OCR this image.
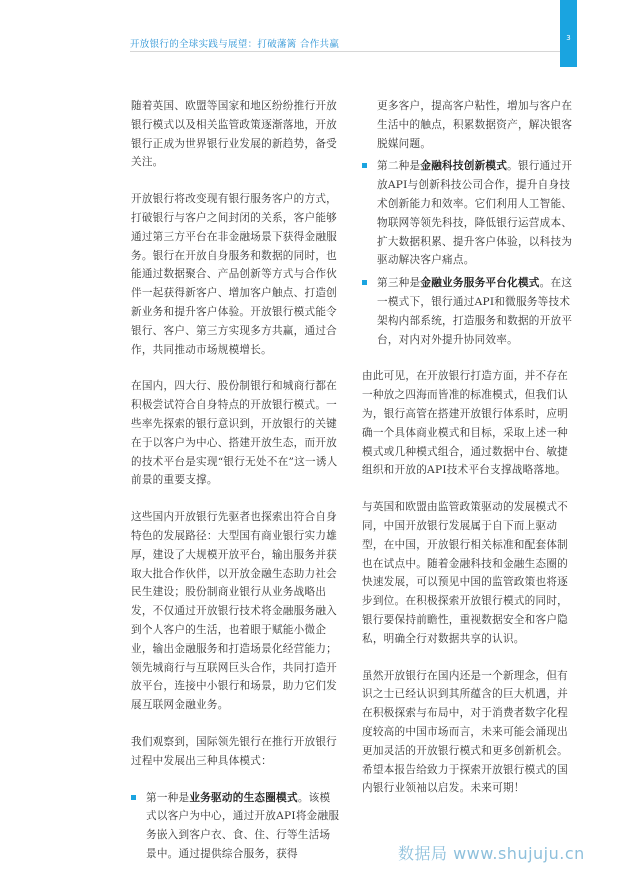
开放银行的全球实践与展望：打破藩篱 合作共赢
3

随着英国、欧盟等国家和地区纷纷推行开放银行模式以及相关监管政策逐渐落地，开放银行正成为世界银行业发展的新趋势，备受关注。

开放银行将改变现有银行服务客户的方式，打破银行与客户之间封闭的关系，客户能够通过第三方平台在非金融场景下获得金融服务。银行在开放自身服务和数据的同时，也能通过数据聚合、产品创新等方式与合作伙伴一起获得新客户、增加客户触点、打造创新业务和提升客户体验。开放银行模式能令银行、客户、第三方实现多方共赢，通过合作，共同推动市场规模增长。

在国内，四大行、股份制银行和城商行都在积极尝试符合自身特点的开放银行模式。一些率先探索的银行意识到，开放银行的关键在于以客户为中心、搭建开放生态，而开放的技术平台是实现“银行无处不在”这一诱人前景的重要支撑。

这些国内开放银行先驱者也探索出符合自身特色的发展路径：大型国有商业银行实力雄厚，建设了大规模开放平台，输出服务并获取大批合作伙伴，以开放金融生态助力社会民生建设；股份制商业银行从业务战略出发，不仅通过开放银行技术将金融服务融入到个人客户的生活，也着眼于赋能小微企业，输出金融服务和打造场景化经营能力；领先城商行与互联网巨头合作，共同打造开放平台，连接中小银行和场景，助力它们发展互联网金融业务。

我们观察到，国际领先银行在推行开放银行过程中发展出三种具体模式：

第一种是业务驱动的生态圈模式。该模式以客户为中心，通过开放API将金融服务嵌入到客户衣、食、住、行等生活场景中。通过提供综合服务，获得

更多客户，提高客户粘性，增加与客户在生活中的触点，积累数据资产，解决银客脱媒问题。

第二种是金融科技创新模式。银行通过开放API与创新科技公司合作，提升自身技术创新能力和效率。它们利用人工智能、物联网等领先科技，降低银行运营成本、扩大数据积累、提升客户体验，以科技为驱动解决客户痛点。
第三种是金融业务服务平台化模式。在这一模式下，银行通过API和微服务等技术架构内部系统，打造服务和数据的开放平台，对内对外提升协同效率。

由此可见，在开放银行打造方面，并不存在一种放之四海而皆准的标准模式，但我们认为，银行高管在搭建开放银行体系时，应明确一个具体商业模式和目标，采取上述一种模式或几种模式组合，通过数据中台、敏捷组织和开放的API技术平台支撑战略落地。

与英国和欧盟由监管政策驱动的发展模式不同，中国开放银行发展属于自下而上驱动型，在中国，开放银行相关标准和配套体制也在试点中。随着金融科技和金融生态圈的快速发展，可以预见中国的监管政策也将逐步到位。在积极探索开放银行模式的同时，银行要保持前瞻性，重视数据安全和客户隐私，明确全行对数据共享的认识。

虽然开放银行在国内还是一个新理念，但有识之士已经认识到其所蕴含的巨大机遇，并在积极探索与布局中，对于消费者数字化程度较高的中国市场而言，未来可能会涌现出更加灵活的开放银行模式和更多创新机会。希望本报告给致力于探索开放银行模式的国内银行业领袖以启发。未来可期！

数据局 www.shujuju.cn
